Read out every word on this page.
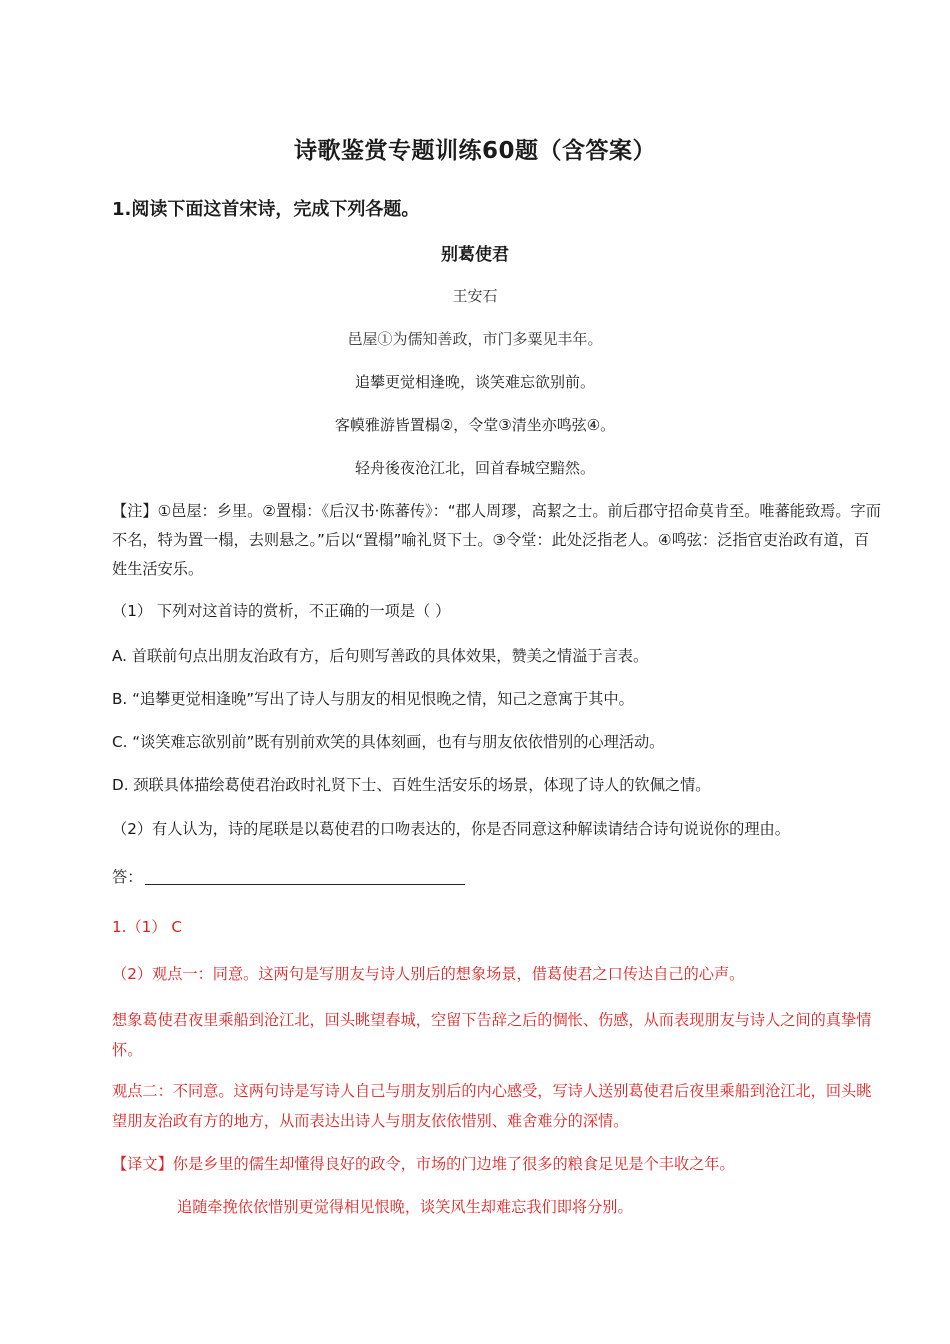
诗歌鉴赏专题训练60题（含答案）
1.阅读下面这首宋诗，完成下列各题。
别葛使君
王安石
邑屋①为儒知善政，市门多粟见丰年。
追攀更觉相逢晚，谈笑难忘欲别前。
客幙雅游皆置榻②，令堂③清坐亦鸣弦④。
轻舟後夜沧江北，回首春城空黯然。
【注】①邑屋：乡里。②置榻：《后汉书·陈蕃传》：“郡人周璆，高絜之士。前后郡守招命莫肯至。唯蕃能致焉。字而不名，特为置一榻，去则悬之。”后以“置榻”喻礼贤下士。③令堂：此处泛指老人。④鸣弦：泛指官吏治政有道，百姓生活安乐。
（1） 下列对这首诗的赏析，不正确的一项是（ ）
A. 首联前句点出朋友治政有方，后句则写善政的具体效果，赞美之情溢于言表。
B. “追攀更觉相逢晚”写出了诗人与朋友的相见恨晚之情，知己之意寓于其中。
C. “谈笑难忘欲别前”既有别前欢笑的具体刻画，也有与朋友依依惜别的心理活动。
D. 颈联具体描绘葛使君治政时礼贤下士、百姓生活安乐的场景，体现了诗人的钦佩之情。
（2）有人认为，诗的尾联是以葛使君的口吻表达的，你是否同意这种解读请结合诗句说说你的理由。
答：
1.（1） C
（2）观点一：同意。这两句是写朋友与诗人别后的想象场景，借葛使君之口传达自己的心声。
想象葛使君夜里乘船到沧江北，回头眺望春城，空留下告辞之后的惆怅、伤感，从而表现朋友与诗人之间的真挚情怀。
观点二：不同意。这两句诗是写诗人自己与朋友别后的内心感受，写诗人送别葛使君后夜里乘船到沧江北，回头眺望朋友治政有方的地方，从而表达出诗人与朋友依依惜别、难舍难分的深情。
【译文】你是乡里的儒生却懂得良好的政令，市场的门边堆了很多的粮食足见是个丰收之年。
追随牵挽依依惜别更觉得相见恨晚，谈笑风生却难忘我们即将分别。
